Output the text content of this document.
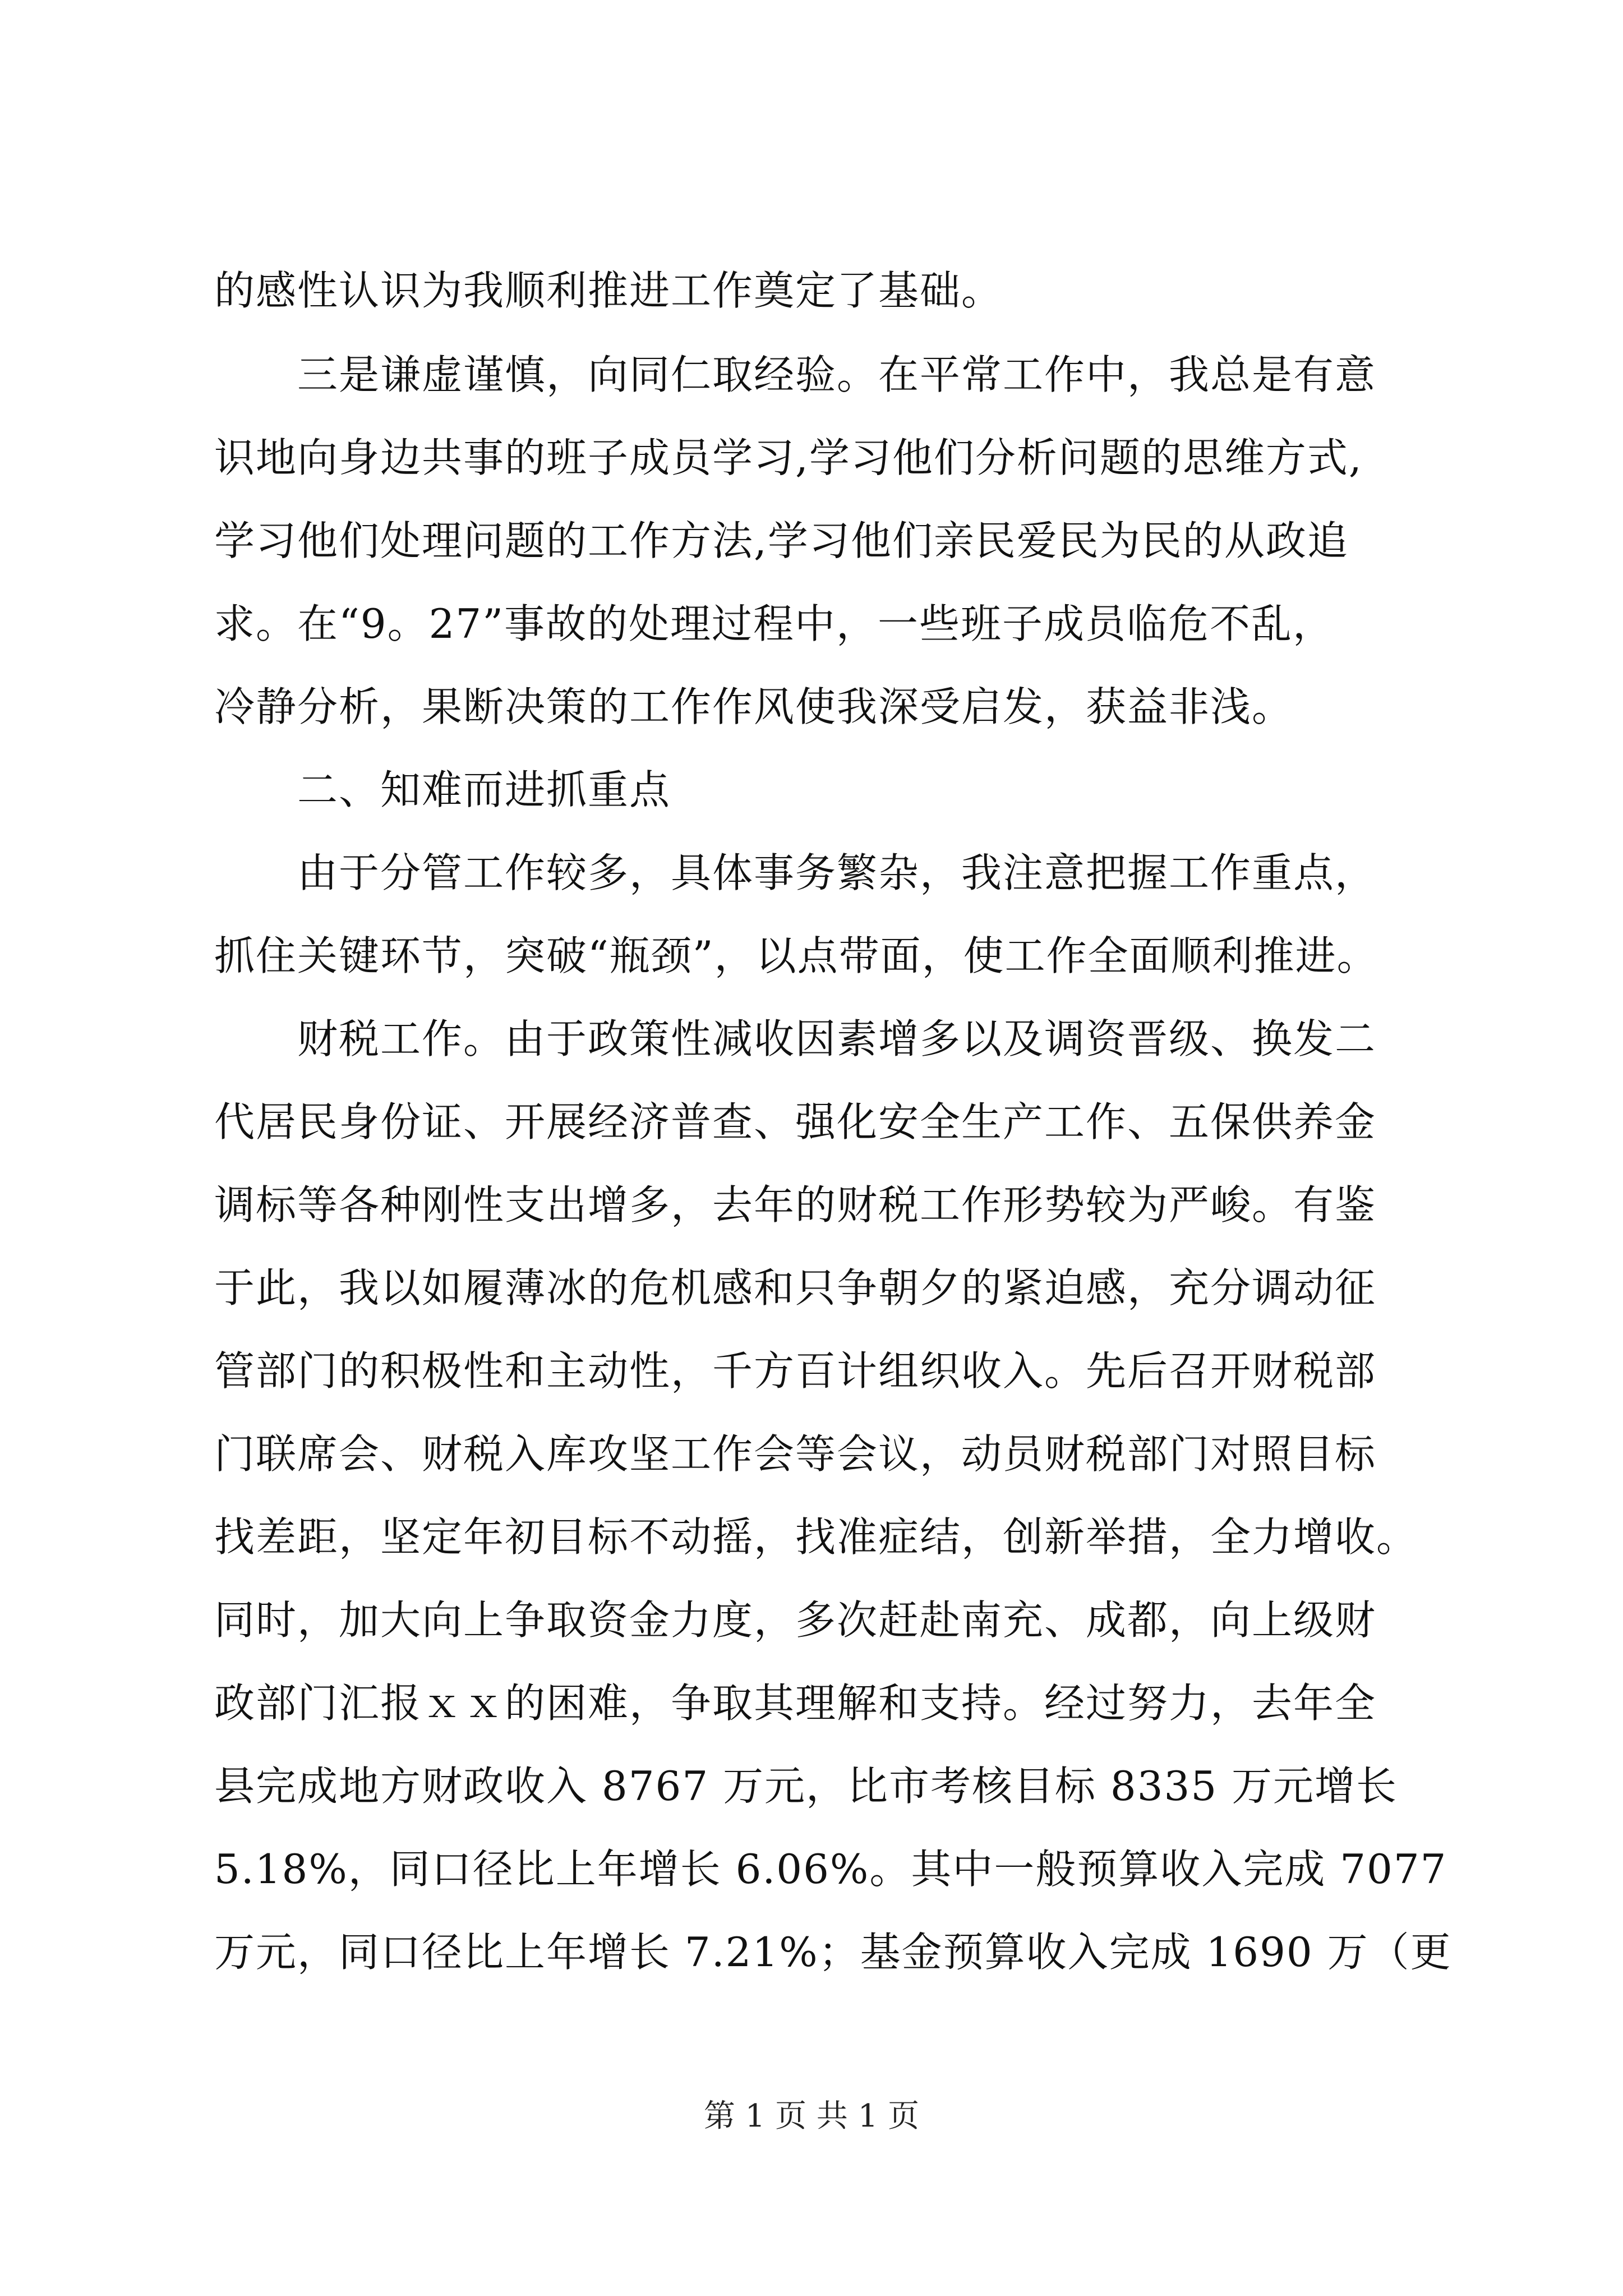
的感性认识为我顺利推进工作奠定了基础。
　　三是谦虚谨慎，向同仁取经验。在平常工作中，我总是有意
识地向身边共事的班子成员学习,学习他们分析问题的思维方式,
学习他们处理问题的工作方法,学习他们亲民爱民为民的从政追
求。在“9。27”事故的处理过程中，一些班子成员临危不乱，
冷静分析，果断决策的工作作风使我深受启发，获益非浅。
　　二、知难而进抓重点
　　由于分管工作较多，具体事务繁杂，我注意把握工作重点，
抓住关键环节，突破“瓶颈”，以点带面，使工作全面顺利推进。
　　财税工作。由于政策性减收因素增多以及调资晋级、换发二
代居民身份证、开展经济普查、强化安全生产工作、五保供养金
调标等各种刚性支出增多，去年的财税工作形势较为严峻。有鉴
于此，我以如履薄冰的危机感和只争朝夕的紧迫感，充分调动征
管部门的积极性和主动性，千方百计组织收入。先后召开财税部
门联席会、财税入库攻坚工作会等会议，动员财税部门对照目标
找差距，坚定年初目标不动摇，找准症结，创新举措，全力增收。
同时，加大向上争取资金力度，多次赶赴南充、成都，向上级财
政部门汇报ｘｘ的困难，争取其理解和支持。经过努力，去年全
县完成地方财政收入 8767 万元，比市考核目标 8335 万元增长
5.18%，同口径比上年增长 6.06%。其中一般预算收入完成 7077
万元，同口径比上年增长 7.21%；基金预算收入完成 1690 万（更
第 1 页 共 1 页
